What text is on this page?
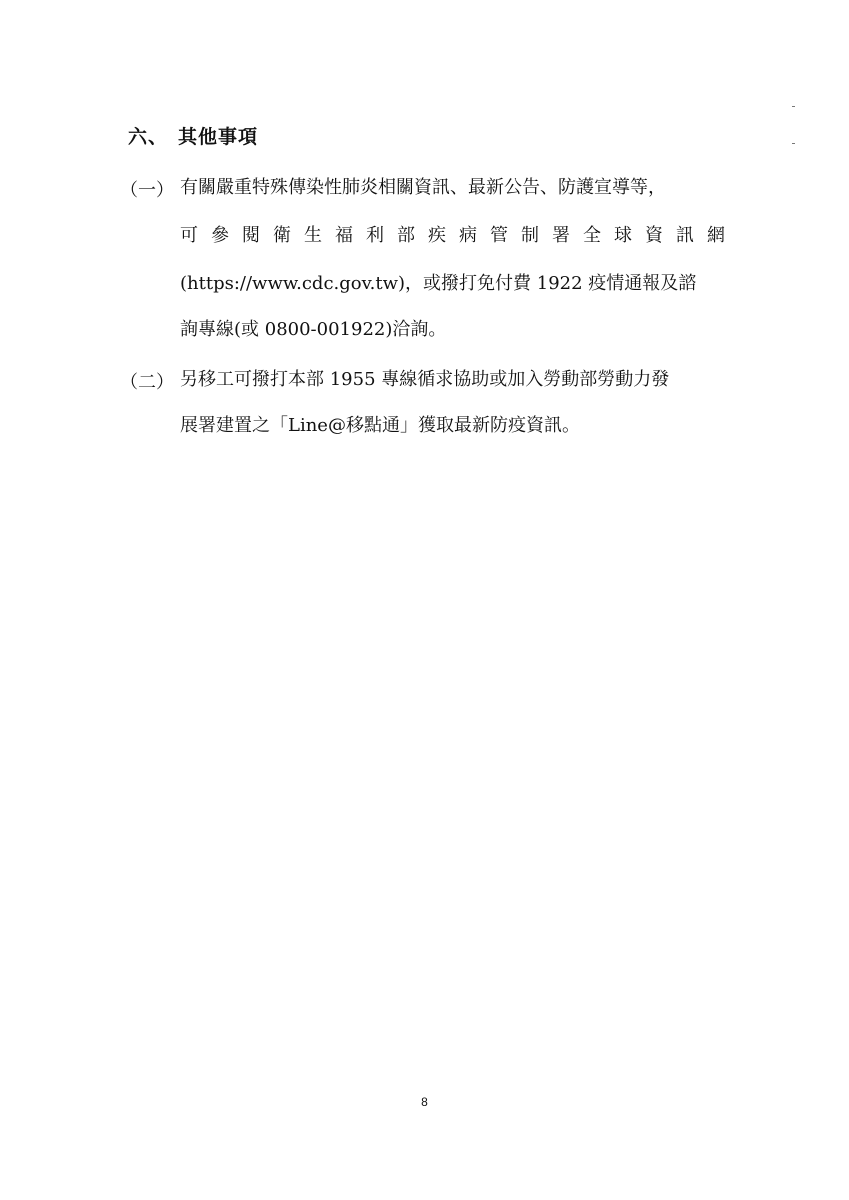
六、 其他事項
（一） 有關嚴重特殊傳染性肺炎相關資訊、最新公告、防護宣導等，
可參閱衛生福利部疾病管制署全球資訊網
(https://www.cdc.gov.tw)，或撥打免付費 1922 疫情通報及諮
詢專線(或 0800-001922)洽詢。
（二） 另移工可撥打本部 1955 專線循求協助或加入勞動部勞動力發
展署建置之「Line@移點通」獲取最新防疫資訊。
8
